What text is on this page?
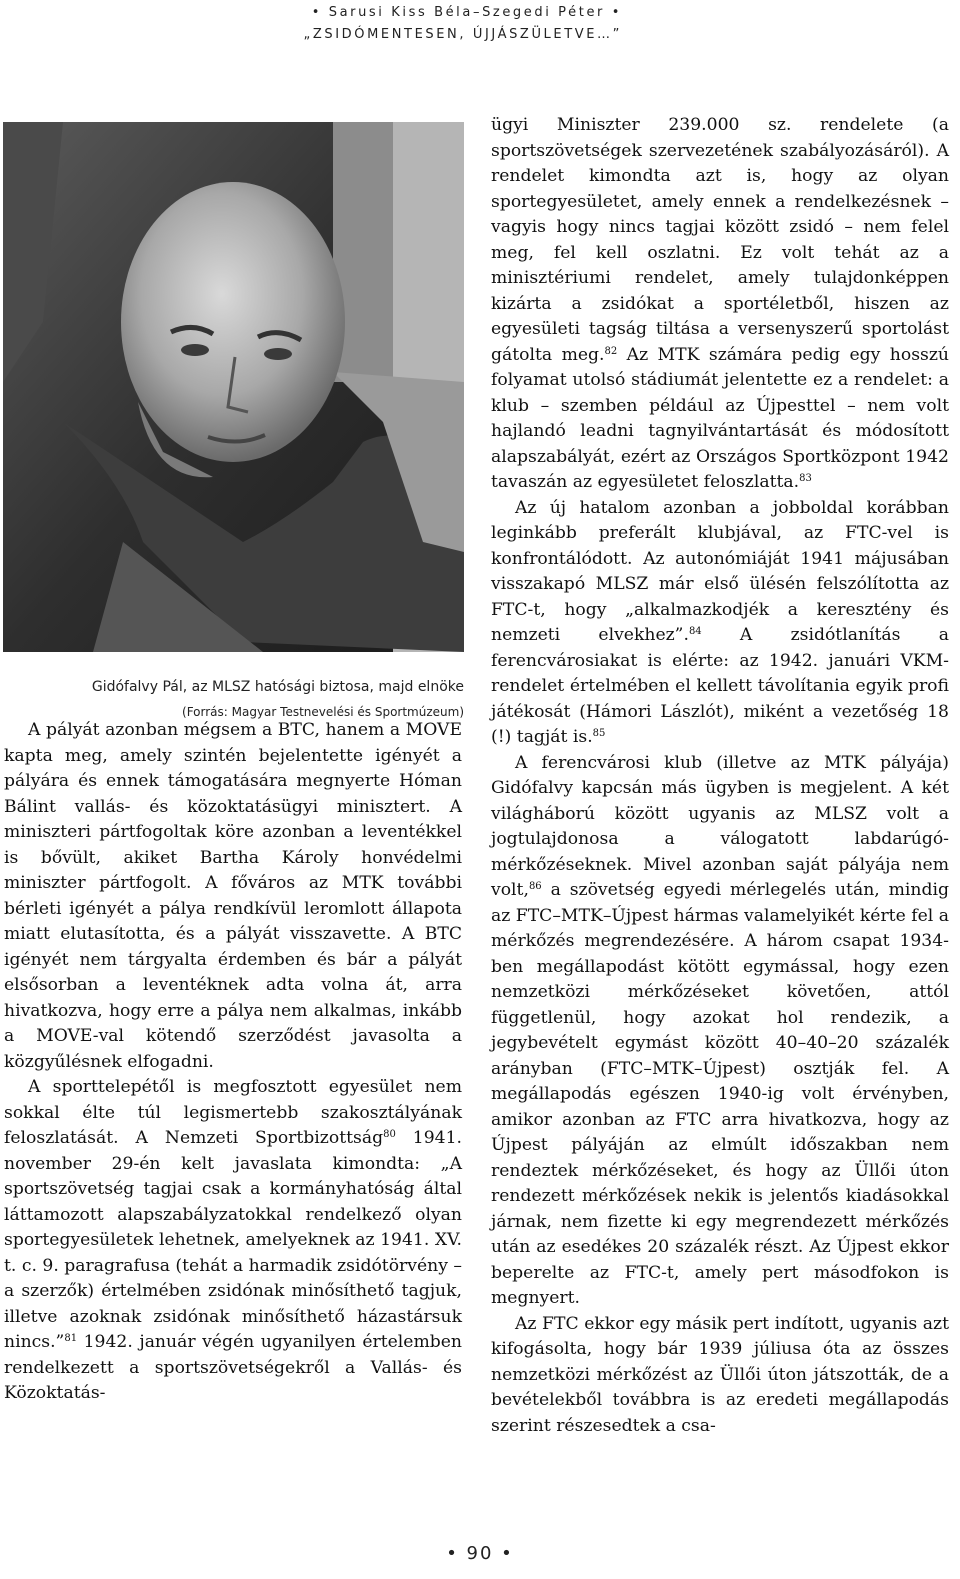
• Sarusi Kiss Béla–Szegedi Péter •
„ZSIDÓMENTESEN, ÚJJÁSZÜLETVE…”
Gidófalvy Pál, az MLSZ hatósági biztosa, majd elnöke
(Forrás: Magyar Testnevelési és Sportmúzeum)

A pályát azonban mégsem a BTC, hanem a MOVE kapta meg, amely szintén bejelentette igényét a pályára és ennek támogatására megnyerte Hóman Bálint vallás- és közoktatásügyi minisztert. A miniszteri pártfogoltak köre azonban a leventékkel is bővült, akiket Bartha Károly honvédelmi miniszter pártfogolt. A főváros az MTK további bérleti igényét a pálya rendkívül leromlott állapota miatt elutasította, és a pályát visszavette. A BTC igényét nem tárgyalta érdemben és bár a pályát elsősorban a leventéknek adta volna át, arra hivatkozva, hogy erre a pálya nem alkalmas, inkább a MOVE-val kötendő szerződést javasolta a közgyűlésnek elfogadni.

A sporttelepétől is megfosztott egyesület nem sokkal élte túl legismertebb szakosztályának feloszlatását. A Nemzeti Sportbizottság$^{80}$ 1941. november 29-én kelt javaslata kimondta: „A sportszövetség tagjai csak a kormányhatóság által láttamozott alapszabályzatokkal rendelkező olyan sportegyesületek lehetnek, amelyeknek az 1941. XV. t. c. 9. paragrafusa (tehát a harmadik zsidótörvény – a szerzők) értelmében zsidónak minősíthető tagjuk, illetve azoknak zsidónak minősíthető házastársuk nincs.”$^{81}$ 1942. január végén ugyanilyen értelemben rendelkezett a sportszövetségekről a Vallás- és Közoktatás-

ügyi Miniszter 239.000 sz. rendelete (a sportszövetségek szervezetének szabályozásáról). A rendelet kimondta azt is, hogy az olyan sportegyesületet, amely ennek a rendelkezésnek – vagyis hogy nincs tagjai között zsidó – nem felel meg, fel kell oszlatni. Ez volt tehát az a minisztériumi rendelet, amely tulajdonképpen kizárta a zsidókat a sportéletből, hiszen az egyesületi tagság tiltása a versenyszerű sportolást gátolta meg.$^{82}$ Az MTK számára pedig egy hosszú folyamat utolsó stádiumát jelentette ez a rendelet: a klub – szemben például az Újpesttel – nem volt hajlandó leadni tagnyilvántartását és módosított alapszabályát, ezért az Országos Sportközpont 1942 tavaszán az egyesületet feloszlatta.$^{83}$

Az új hatalom azonban a jobboldal korábban leginkább preferált klubjával, az FTC-vel is konfrontálódott. Az autonómiáját 1941 májusában visszakapó MLSZ már első ülésén felszólította az FTC-t, hogy „alkalmazkodjék a keresztény és nemzeti elvekhez”.$^{84}$ A zsidótlanítás a ferencvárosiakat is elérte: az 1942. januári VKM-rendelet értelmében el kellett távolítania egyik profi játékosát (Hámori Lászlót), miként a vezetőség 18 (!) tagját is.$^{85}$

A ferencvárosi klub (illetve az MTK pályája) Gidófalvy kapcsán más ügyben is megjelent. A két világháború között ugyanis az MLSZ volt a jogtulajdonosa a válogatott labdarúgó-mérkőzéseknek. Mivel azonban saját pályája nem volt,$^{86}$ a szövetség egyedi mérlegelés után, mindig az FTC–MTK–Újpest hármas valamelyikét kérte fel a mérkőzés megrendezésére. A három csapat 1934-ben megállapodást kötött egymással, hogy ezen nemzetközi mérkőzéseket követően, attól függetlenül, hogy azokat hol rendezik, a jegybevételt egymást között 40–40–20 százalék arányban (FTC–MTK–Újpest) osztják fel. A megállapodás egészen 1940-ig volt érvényben, amikor azonban az FTC arra hivatkozva, hogy az Újpest pályáján az elmúlt időszakban nem rendeztek mérkőzéseket, és hogy az Üllői úton rendezett mérkőzések nekik is jelentős kiadásokkal járnak, nem fizette ki egy megrendezett mérkőzés után az esedékes 20 százalék részt. Az Újpest ekkor beperelte az FTC-t, amely pert másodfokon is megnyert.

Az FTC ekkor egy másik pert indított, ugyanis azt kifogásolta, hogy bár 1939 júliusa óta az összes nemzetközi mérkőzést az Üllői úton játszották, de a bevételekből továbbra is az eredeti megállapodás szerint részesedtek a csa-

• 90 •
